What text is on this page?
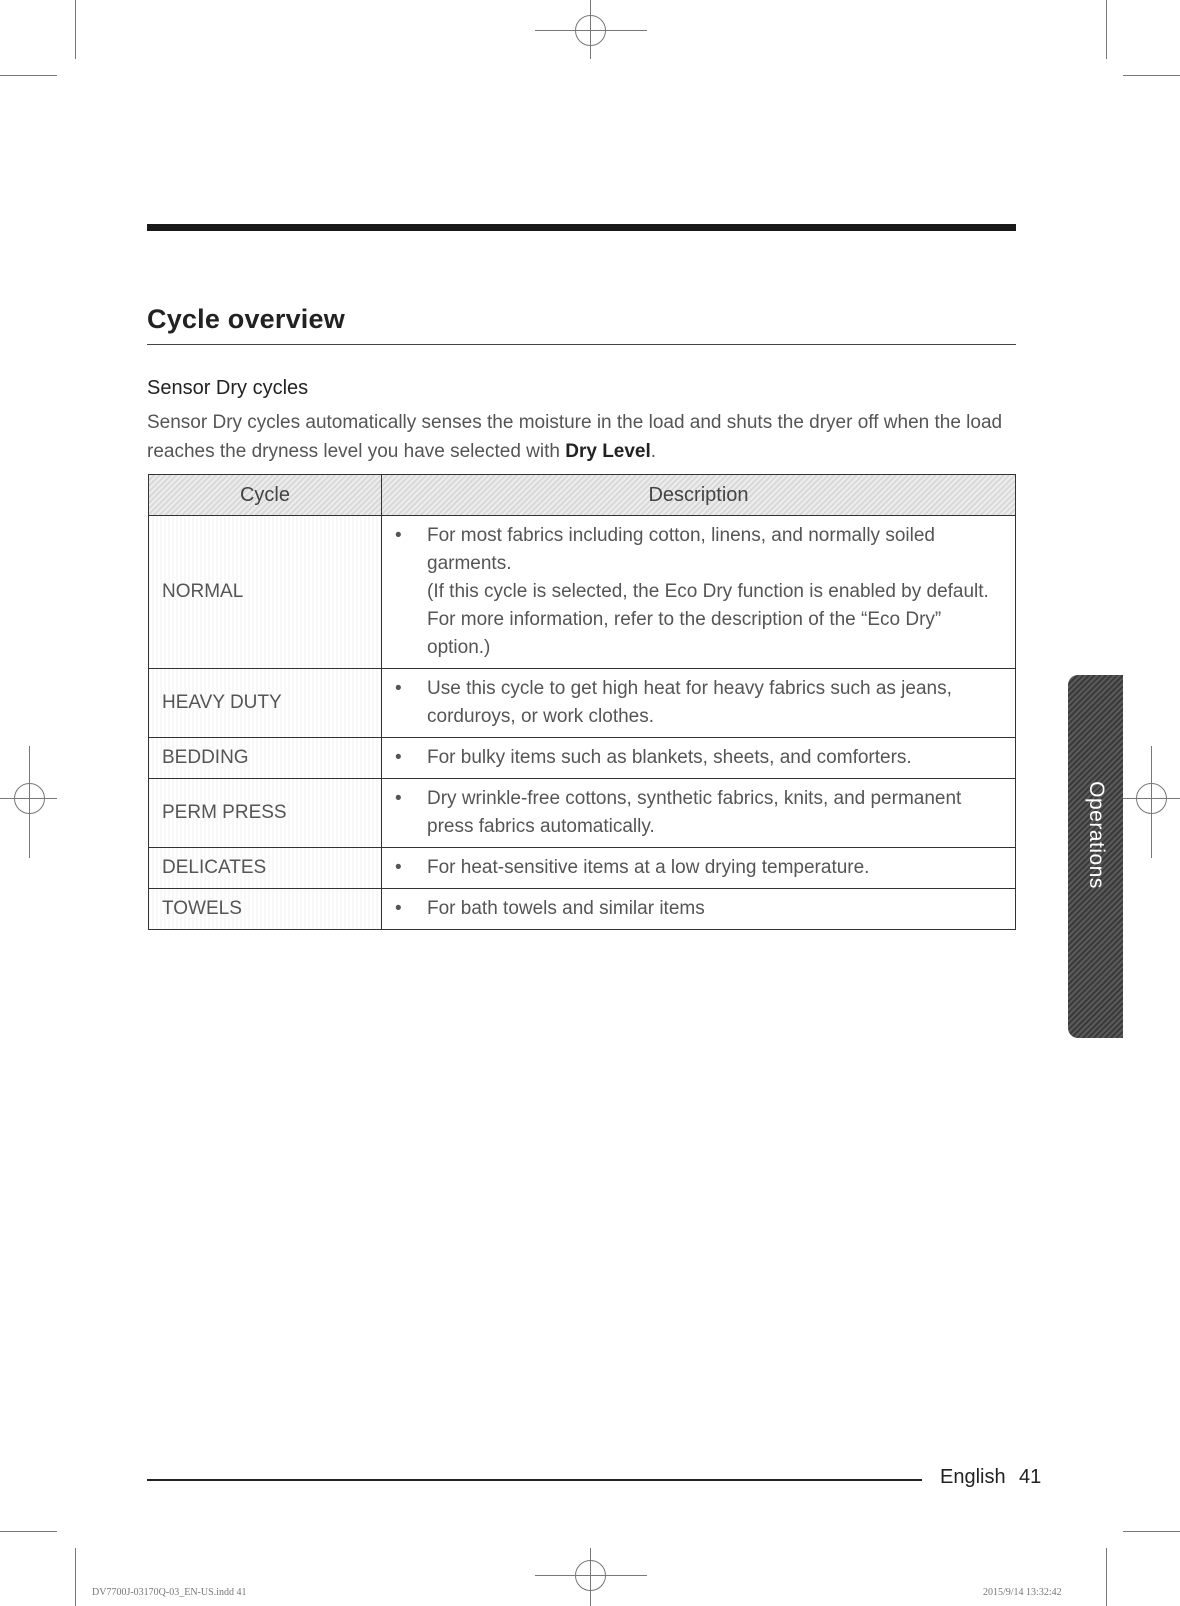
Cycle overview
Sensor Dry cycles
Sensor Dry cycles automatically senses the moisture in the load and shuts the dryer off when the load reaches the dryness level you have selected with Dry Level.
Cycle	Description
NORMAL	• For most fabrics including cotton, linens, and normally soiled garments.
(If this cycle is selected, the Eco Dry function is enabled by default. For more information, refer to the description of the “Eco Dry” option.)

HEAVY DUTY	• Use this cycle to get high heat for heavy fabrics such as jeans, corduroys, or work clothes.

BEDDING	• For bulky items such as blankets, sheets, and comforters.

PERM PRESS	• Dry wrinkle-free cottons, synthetic fabrics, knits, and permanent press fabrics automatically.

DELICATES	• For heat-sensitive items at a low drying temperature.

TOWELS	• For bath towels and similar items
Operations
English 41
DV7700J-03170Q-03_EN-US.indd 41	2015/9/14 13:32:42
